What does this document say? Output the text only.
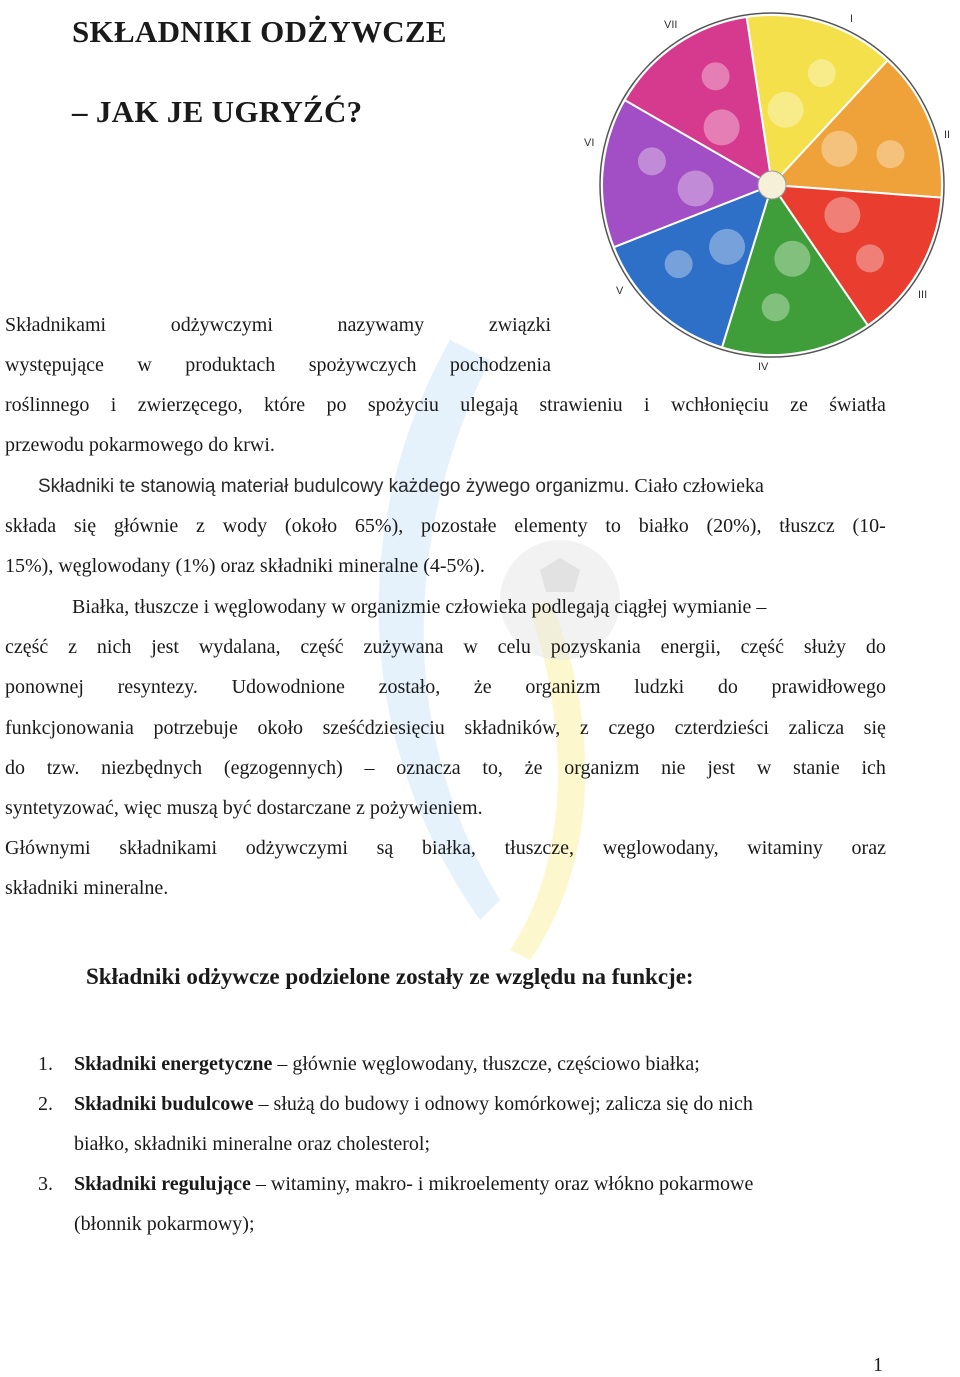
SKŁADNIKI ODŻYWCZE
– JAK JE UGRYŹĆ?
VII	I
II
III
IV
V
VI
Składnikami	odżywczymi	nazywamy	związki
występujące w produktach spożywczych pochodzenia
roślinnego i zwierzęcego, które po spożyciu ulegają strawieniu i wchłonięciu ze światła

przewodu pokarmowego do krwi.

Składniki te stanowią materiał budulcowy każdego żywego organizmu. Ciało człowieka

składa się głównie z wody (około 65%), pozostałe elementy to białko (20%), tłuszcz (10-

15%), węglowodany (1%) oraz składniki mineralne (4-5%).

Białka, tłuszcze i węglowodany w organizmie człowieka podlegają ciągłej wymianie –

część z nich jest wydalana, część zużywana w celu pozyskania energii, część służy do
ponownej resyntezy. Udowodnione zostało, że organizm ludzki do prawidłowego
funkcjonowania potrzebuje około sześćdziesięciu składników, z czego czterdzieści zalicza się
do tzw. niezbędnych (egzogennych) – oznacza to, że organizm nie jest w stanie ich

syntetyzować, więc muszą być dostarczane z pożywieniem.

Głównymi składnikami odżywczymi są białka, tłuszcze, węglowodany, witaminy oraz

składniki mineralne.

Składniki odżywcze podzielone zostały ze względu na funkcje:
1. Składniki energetyczne – głównie węglowodany, tłuszcze, częściowo białka;
2. Składniki budulcowe – służą do budowy i odnowy komórkowej; zalicza się do nich
białko, składniki mineralne oraz cholesterol;
3. Składniki regulujące – witaminy, makro- i mikroelementy oraz włókno pokarmowe
(błonnik pokarmowy);
1
